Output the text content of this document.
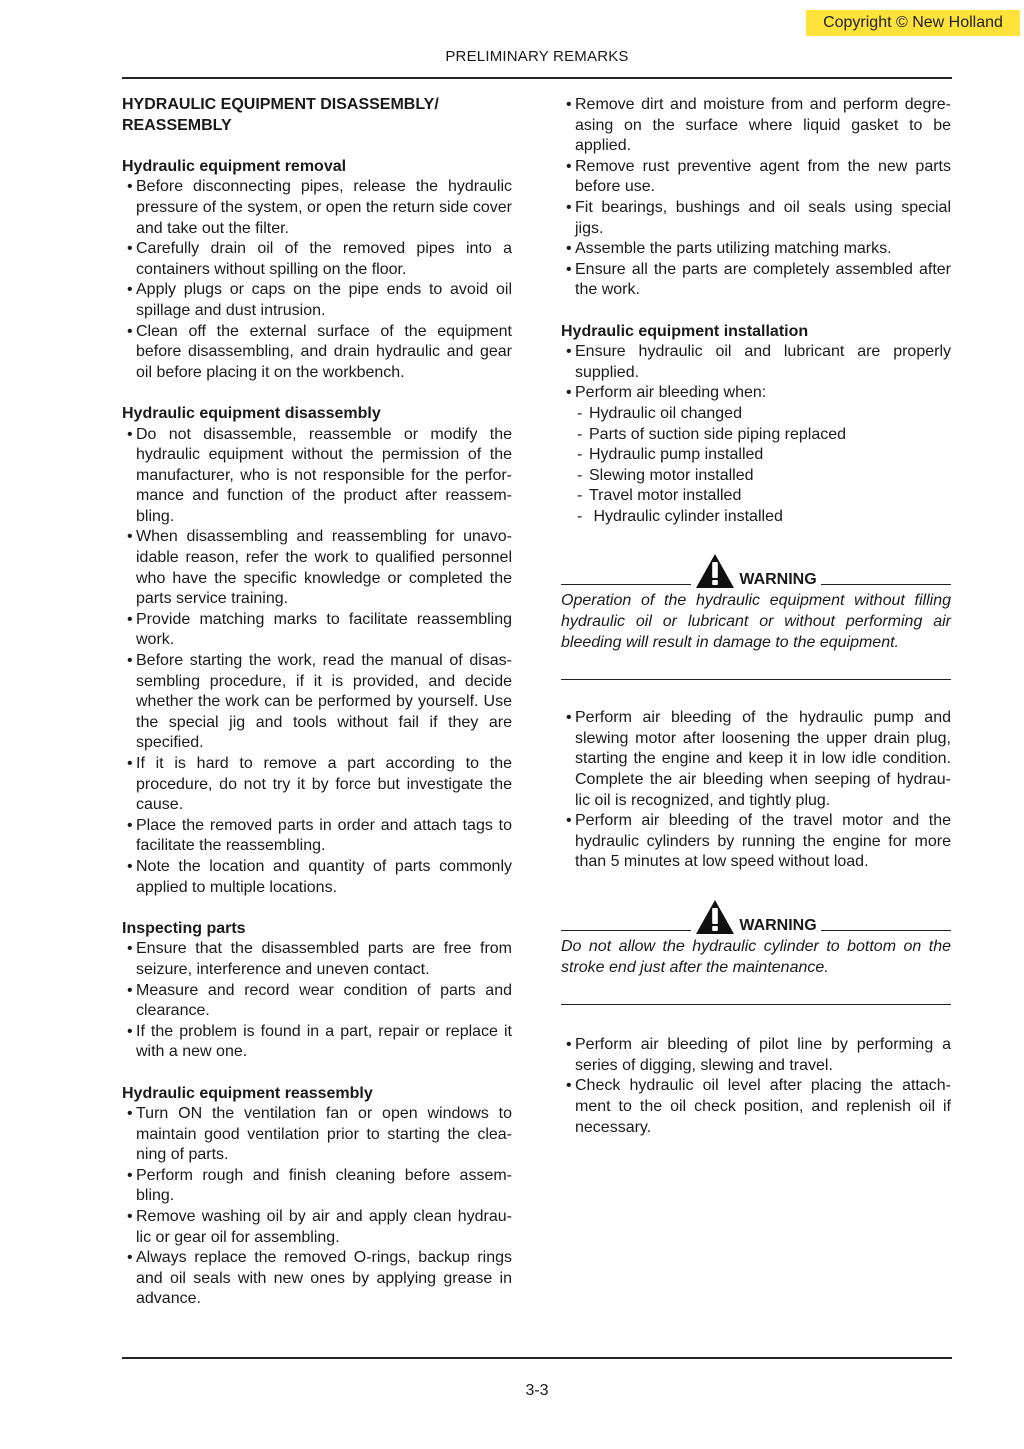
Copyright © New Holland
PRELIMINARY REMARKS

HYDRAULIC EQUIPMENT DISASSEMBLY/
REASSEMBLY

Hydraulic equipment removal

• Before disconnecting pipes, release the hydraulic pressure of the system, or open the return side cover and take out the filter.
• Carefully drain oil of the removed pipes into a containers without spilling on the floor.
• Apply plugs or caps on the pipe ends to avoid oil spillage and dust intrusion.
• Clean off the external surface of the equipment before disassembling, and drain hydraulic and gear oil before placing it on the workbench.

Hydraulic equipment disassembly

• Do not disassemble, reassemble or modify the hydraulic equipment without the permission of the manufacturer, who is not responsible for the perfor- mance and function of the product after reassem- bling.
• When disassembling and reassembling for unavo- idable reason, refer the work to qualified personnel who have the specific knowledge or completed the parts service training.
• Provide matching marks to facilitate reassembling work.
• Before starting the work, read the manual of disas- sembling procedure, if it is provided, and decide whether the work can be performed by yourself. Use the special jig and tools without fail if they are specified.
• If it is hard to remove a part according to the procedure, do not try it by force but investigate the cause.
• Place the removed parts in order and attach tags to facilitate the reassembling.
• Note the location and quantity of parts commonly applied to multiple locations.

Inspecting parts

• Ensure that the disassembled parts are free from seizure, interference and uneven contact.
• Measure and record wear condition of parts and clearance.
• If the problem is found in a part, repair or replace it with a new one.

Hydraulic equipment reassembly

• Turn ON the ventilation fan or open windows to maintain good ventilation prior to starting the clea- ning of parts.
• Perform rough and finish cleaning before assem- bling.
• Remove washing oil by air and apply clean hydrau- lic or gear oil for assembling.
• Always replace the removed O-rings, backup rings and oil seals with new ones by applying grease in advance.
• Remove dirt and moisture from and perform degre- asing on the surface where liquid gasket to be applied.
• Remove rust preventive agent from the new parts before use.
• Fit bearings, bushings and oil seals using special jigs.
• Assemble the parts utilizing matching marks.
• Ensure all the parts are completely assembled after the work.

Hydraulic equipment installation

• Ensure hydraulic oil and lubricant are properly supplied.
• Perform air bleeding when:
- Hydraulic oil changed
- Parts of suction side piping replaced
- Hydraulic pump installed
- Slewing motor installed
- Travel motor installed
-  Hydraulic cylinder installed
WARNING
Operation of the hydraulic equipment without filling hydraulic oil or lubricant or without performing air bleeding will result in damage to the equipment.
• Perform air bleeding of the hydraulic pump and slewing motor after loosening the upper drain plug, starting the engine and keep it in low idle condition. Complete the air bleeding when seeping of hydrau- lic oil is recognized, and tightly plug.
• Perform air bleeding of the travel motor and the hydraulic cylinders by running the engine for more than 5 minutes at low speed without load.
WARNING
Do not allow the hydraulic cylinder to bottom on the stroke end just after the maintenance.
• Perform air bleeding of pilot line by performing a series of digging, slewing and travel.
• Check hydraulic oil level after placing the attach- ment to the oil check position, and replenish oil if necessary.
3-3
